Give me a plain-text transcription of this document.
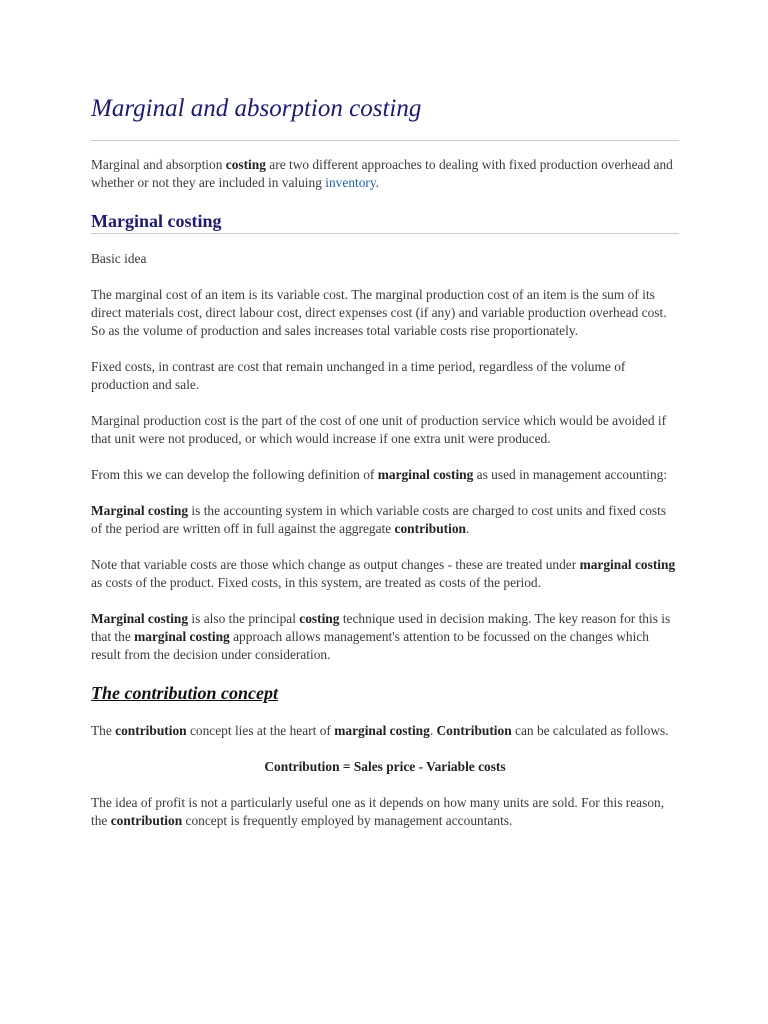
Marginal and absorption costing

Marginal and absorption costing are two different approaches to dealing with fixed production overhead and whether or not they are included in valuing inventory.

Marginal costing

Basic idea

The marginal cost of an item is its variable cost. The marginal production cost of an item is the sum of its direct materials cost, direct labour cost, direct expenses cost (if any) and variable production overhead cost. So as the volume of production and sales increases total variable costs rise proportionately.

Fixed costs, in contrast are cost that remain unchanged in a time period, regardless of the volume of production and sale.

Marginal production cost is the part of the cost of one unit of production service which would be avoided if that unit were not produced, or which would increase if one extra unit were produced.

From this we can develop the following definition of marginal costing as used in management accounting:

Marginal costing is the accounting system in which variable costs are charged to cost units and fixed costs of the period are written off in full against the aggregate contribution.

Note that variable costs are those which change as output changes - these are treated under marginal costing as costs of the product. Fixed costs, in this system, are treated as costs of the period.

Marginal costing is also the principal costing technique used in decision making. The key reason for this is that the marginal costing approach allows management's attention to be focussed on the changes which result from the decision under consideration.

The contribution concept

The contribution concept lies at the heart of marginal costing. Contribution can be calculated as follows.

Contribution = Sales price - Variable costs

The idea of profit is not a particularly useful one as it depends on how many units are sold. For this reason, the contribution concept is frequently employed by management accountants.
